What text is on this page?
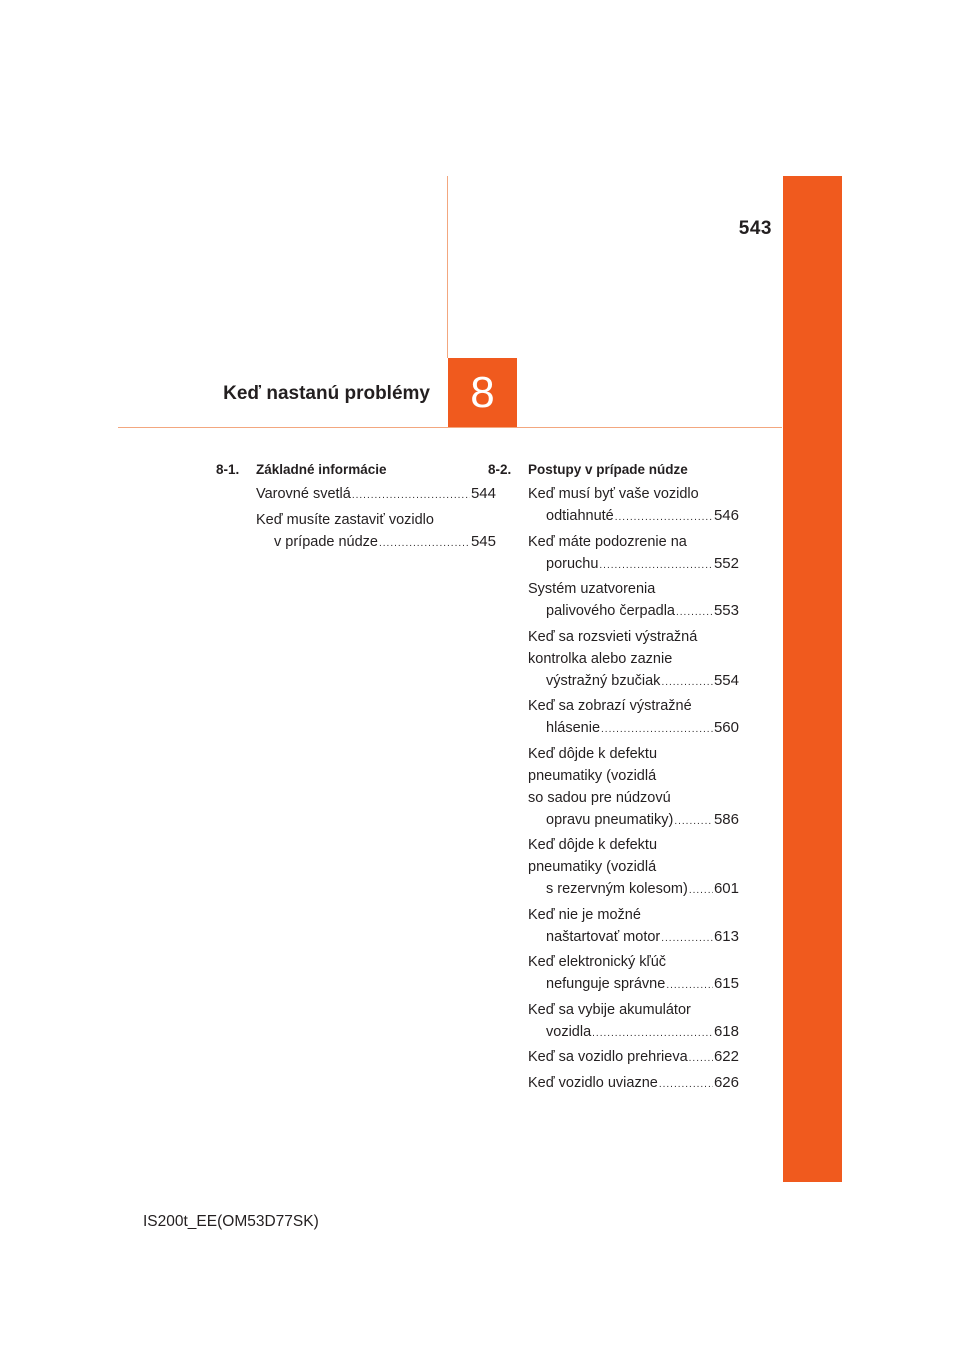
543
Keď nastanú problémy 8
8-1.	Základné informácie
Varovné svetlá .....	544
Keď musíte zastaviť vozidlo
v prípade núdze .....	545
8-2.	Postupy v prípade núdze
Keď musí byť vaše vozidlo
odtiahnuté .....	546
Keď máte podozrenie na
poruchu .....	552
Systém uzatvorenia
palivového čerpadla .....	553
Keď sa rozsvieti výstražná
kontrolka alebo zaznie
výstražný bzučiak .....	554
Keď sa zobrazí výstražné
hlásenie .....	560
Keď dôjde k defektu
pneumatiky (vozidlá
so sadou pre núdzovú
opravu pneumatiky) .....	586
Keď dôjde k defektu
pneumatiky (vozidlá
s rezervným kolesom) ..... 601
Keď nie je možné
naštartovať motor .....	613
Keď elektronický kľúč
nefunguje správne .....	615
Keď sa vybije akumulátor
vozidla .....	618
Keď sa vozidlo prehrieva ..... 622
Keď vozidlo uviazne .....	626
IS200t_EE(OM53D77SK)
